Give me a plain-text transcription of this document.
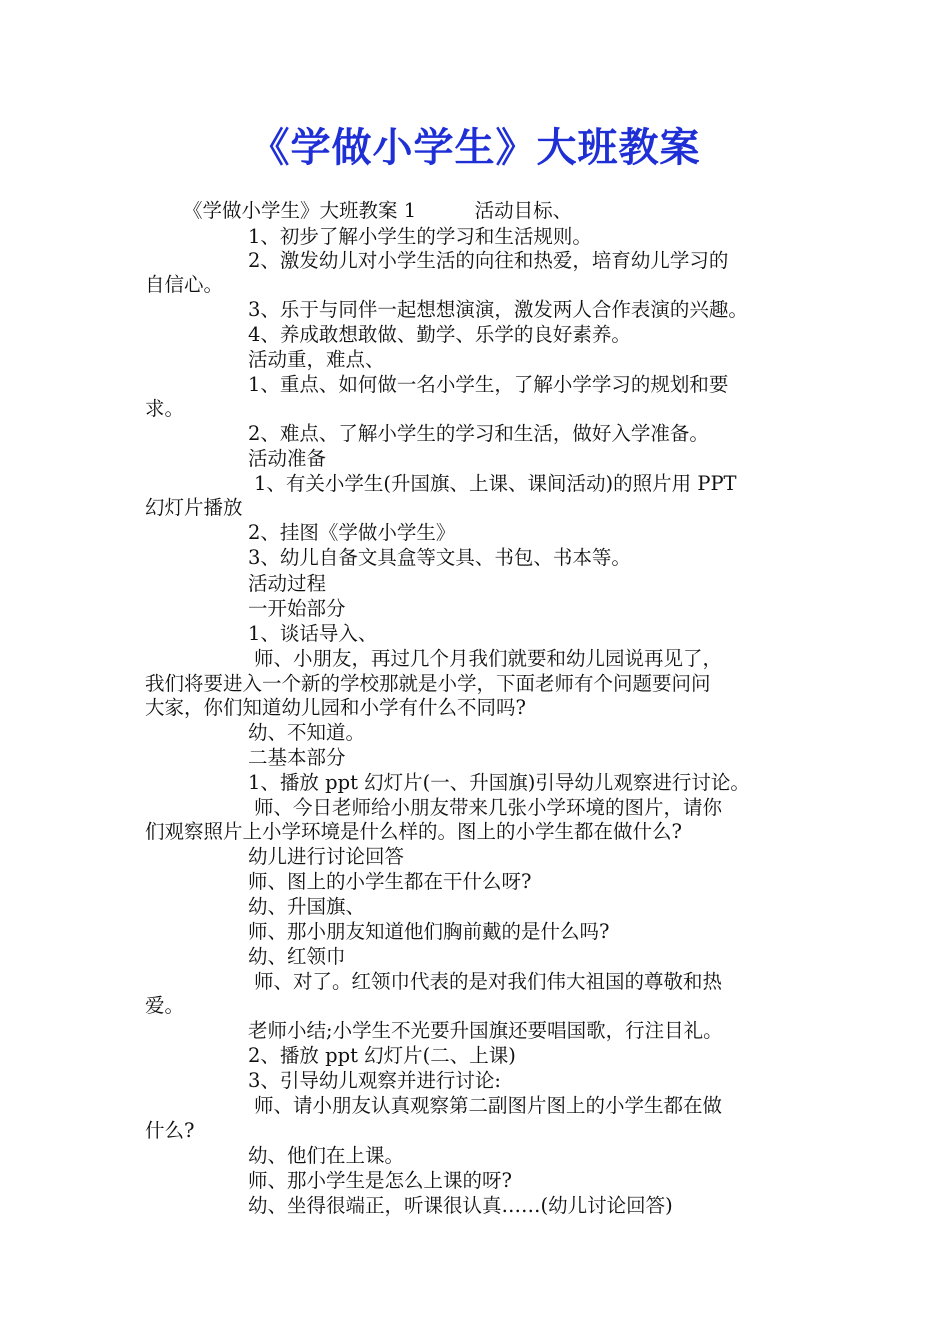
《学做小学生》大班教案
《学做小学生》大班教案 1　　　活动目标、
1、初步了解小学生的学习和生活规则。
2、激发幼儿对小学生活的向往和热爱，培育幼儿学习的
自信心。
3、乐于与同伴一起想想演演，激发两人合作表演的兴趣。
4、养成敢想敢做、勤学、乐学的良好素养。
活动重，难点、
1、重点、如何做一名小学生，了解小学学习的规划和要
求。
2、难点、了解小学生的学习和生活，做好入学准备。
活动准备
1、有关小学生(升国旗、上课、课间活动)的照片用 PPT
幻灯片播放
2、挂图《学做小学生》
3、幼儿自备文具盒等文具、书包、书本等。
活动过程
一开始部分
1、谈话导入、
师、小朋友，再过几个月我们就要和幼儿园说再见了，
我们将要进入一个新的学校那就是小学，下面老师有个问题要问问
大家，你们知道幼儿园和小学有什么不同吗?
幼、不知道。
二基本部分
1、播放 ppt 幻灯片(一、升国旗)引导幼儿观察进行讨论。
师、今日老师给小朋友带来几张小学环境的图片，请你
们观察照片上小学环境是什么样的。图上的小学生都在做什么?
幼儿进行讨论回答
师、图上的小学生都在干什么呀?
幼、升国旗、
师、那小朋友知道他们胸前戴的是什么吗?
幼、红领巾
师、对了。红领巾代表的是对我们伟大祖国的尊敬和热
爱。
老师小结;小学生不光要升国旗还要唱国歌，行注目礼。
2、播放 ppt 幻灯片(二、上课)
3、引导幼儿观察并进行讨论:
师、请小朋友认真观察第二副图片图上的小学生都在做
什么?
幼、他们在上课。
师、那小学生是怎么上课的呀?
幼、坐得很端正，听课很认真……(幼儿讨论回答)
